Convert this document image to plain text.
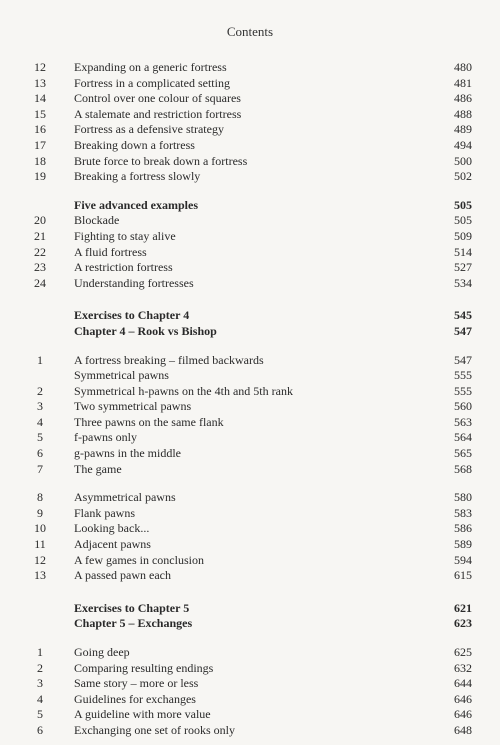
Contents
12 Expanding on a generic fortress	480
13 Fortress in a complicated setting	481
14 Control over one colour of squares	486
15 A stalemate and restriction fortress	488
16 Fortress as a defensive strategy	489
17 Breaking down a fortress	494
18 Brute force to break down a fortress	500
19 Breaking a fortress slowly	502
Five advanced examples	505
20 Blockade	505
21 Fighting to stay alive	509
22 A fluid fortress	514
23 A restriction fortress	527
24 Understanding fortresses	534
Exercises to Chapter 4	545
Chapter 4 – Rook vs Bishop	547
1	A fortress breaking – filmed backwards	547
Symmetrical pawns	555
2	Symmetrical h-pawns on the 4th and 5th rank	555
3	Two symmetrical pawns	560
4	Three pawns on the same flank	563
5	f-pawns only	564
6	g-pawns in the middle	565
7	The game	568
8	Asymmetrical pawns	580
9	Flank pawns	583
10 Looking back...	586
11 Adjacent pawns	589
12 A few games in conclusion	594
13 A passed pawn each	615
Exercises to Chapter 5	621
Chapter 5 – Exchanges	623
1	Going deep	625
2	Comparing resulting endings	632
3	Same story – more or less	644
4	Guidelines for exchanges	646
5	A guideline with more value	646
6	Exchanging one set of rooks only	648
